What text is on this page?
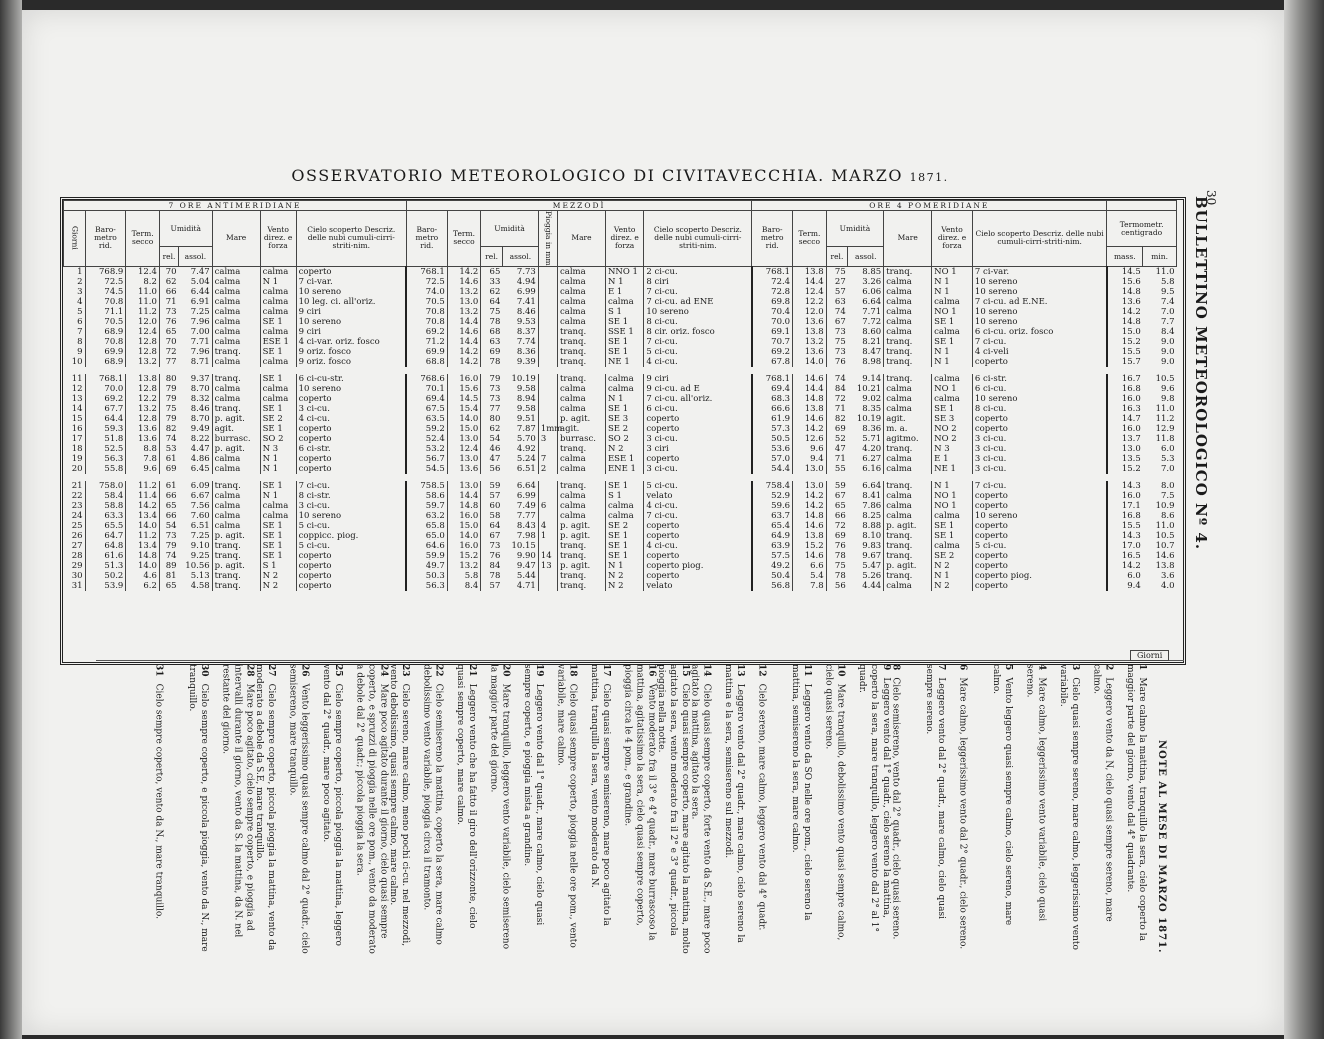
OSSERVATORIO METEOROLOGICO DI CIVITAVECCHIA. MARZO 1871.
30
BULLETTINO METEOROLOGICO Nº 4.
7 ORE ANTIMERIDIANE								MEZZODÌ								ORE 4 POMERIDIANE								
Giorni	Baro-metro rid.	Term. secco	Umidità		Mare	Vento direz. e forza	Cielo scoperto Descriz. delle nubi cumuli-cirri-striti-nim.	Baro-metro rid.	Term. secco	Umidità		Pioggia in mm	Mare	Vento direz. e forza	Cielo scoperto Descriz. delle nubi cumuli-cirri-striti-nim.	Baro-metro rid.	Term. secco	Umidità		Mare	Vento direz. e forza	Cielo scoperto Descriz. delle nubi cumuli-cirri-striti-nim.	Termometr. centigrado	
			rel.	assol.						rel.	assol.							rel.	assol.				mass.	min.
1	768.9	12.4	70	7.47	calma	calma	coperto	768.1	14.2	65	7.73		calma	NNO 1	2 ci-cu.	768.1	13.8	75	8.85	tranq.	NO 1	7 ci-var.	14.5	11.0
2	72.5	8.2	62	5.04	calma	N 1	7 ci-var.	72.5	14.6	33	4.94		calma	N 1	8 ciri	72.4	14.4	27	3.26	calma	N 1	10 sereno	15.6	5.8
3	74.5	11.0	66	6.44	calma	calma	10 sereno	74.0	13.2	62	6.99		calma	E 1	7 ci-cu.	72.8	12.4	57	6.06	calma	N 1	10 sereno	14.8	9.5
4	70.8	11.0	71	6.91	calma	calma	10 leg. ci. all'oriz.	70.5	13.0	64	7.41		calma	calma	7 ci-cu. ad ENE	69.8	12.2	63	6.64	calma	calma	7 ci-cu. ad E.NE.	13.6	7.4
5	71.1	11.2	73	7.25	calma	calma	9 ciri	70.8	13.2	75	8.46		calma	S 1	10 sereno	70.4	12.0	74	7.71	calma	NO 1	10 sereno	14.2	7.0
6	70.5	12.0	76	7.96	calma	SE 1	10 sereno	70.8	14.4	78	9.53		calma	SE 1	8 ci-cu.	70.0	13.6	67	7.72	calma	SE 1	10 sereno	14.8	7.7
7	68.9	12.4	65	7.00	calma	calma	9 ciri	69.2	14.6	68	8.37		tranq.	SSE 1	8 cir. oriz. fosco	69.1	13.8	73	8.60	calma	calma	6 ci-cu. oriz. fosco	15.0	8.4
8	70.8	12.8	70	7.71	calma	ESE 1	4 ci-var. oriz. fosco	71.2	14.4	63	7.74		tranq.	SE 1	7 ci-cu.	70.7	13.2	75	8.21	tranq.	SE 1	7 ci-cu.	15.2	9.0
9	69.9	12.8	72	7.96	tranq.	SE 1	9 oriz. fosco	69.9	14.2	69	8.36		tranq.	SE 1	5 ci-cu.	69.2	13.6	73	8.47	tranq.	N 1	4 ci-veli	15.5	9.0
10	68.9	13.2	77	8.71	calma	calma	9 oriz. fosco	68.8	14.2	78	9.39		tranq.	NE 1	4 ci-cu.	67.8	14.0	76	8.98	tranq.	N 1	coperto	15.7	9.0

11	768.1	13.8	80	9.37	tranq.	SE 1	6 ci-cu-str.	768.6	16.0	79	10.19		tranq.	calma	9 ciri	768.1	14.6	74	9.14	tranq.	calma	6 ci-str.	16.7	10.5
12	70.0	12.8	79	8.70	calma	calma	10 sereno	70.1	15.6	73	9.58		calma	calma	9 ci-cu. ad E	69.4	14.4	84	10.21	calma	NO 1	6 ci-cu.	16.8	9.6
13	69.2	12.2	79	8.32	calma	calma	coperto	69.4	14.5	73	8.94		calma	N 1	7 ci-cu. all'oriz.	68.3	14.8	72	9.02	calma	calma	10 sereno	16.0	9.8
14	67.7	13.2	75	8.46	tranq.	SE 1	3 ci-cu.	67.5	15.4	77	9.58		calma	SE 1	6 ci-cu.	66.6	13.8	71	8.35	calma	SE 1	8 ci-cu.	16.3	11.0
15	64.4	12.8	79	8.70	p. agit.	SE 2	4 ci-cu.	63.5	14.0	80	9.51		p. agit.	SE 3	coperto	61.9	14.6	82	10.19	agit.	SE 3	coperto	14.7	11.2
16	59.3	13.6	82	9.49	agit.	SE 1	coperto	59.2	15.0	62	7.87	1mm	agit.	SE 2	coperto	57.3	14.2	69	8.36	m. a.	NO 2	coperto	16.0	12.9
17	51.8	13.6	74	8.22	burrasc.	SO 2	coperto	52.4	13.0	54	5.70	3	burrasc.	SO 2	3 ci-cu.	50.5	12.6	52	5.71	agitmo.	NO 2	3 ci-cu.	13.7	11.8
18	52.5	8.8	53	4.47	p. agit.	N 3	6 ci-str.	53.2	12.4	46	4.92		tranq.	N 2	3 ciri	53.6	9.6	47	4.20	tranq.	N 3	3 ci-cu.	13.0	6.0
19	56.3	7.8	61	4.86	calma	N 1	coperto	56.7	13.0	47	5.24	7	calma	ESE 1	coperto	57.0	9.4	71	6.27	calma	E 1	3 ci-cu.	13.5	5.3
20	55.8	9.6	69	6.45	calma	N 1	coperto	54.5	13.6	56	6.51	2	calma	ENE 1	3 ci-cu.	54.4	13.0	55	6.16	calma	NE 1	3 ci-cu.	15.2	7.0

21	758.0	11.2	61	6.09	tranq.	SE 1	7 ci-cu.	758.5	13.0	59	6.64		tranq.	SE 1	5 ci-cu.	758.4	13.0	59	6.64	tranq.	N 1	7 ci-cu.	14.3	8.0
22	58.4	11.4	66	6.67	calma	N 1	8 ci-str.	58.6	14.4	57	6.99		calma	S 1	velato	52.9	14.2	67	8.41	calma	NO 1	coperto	16.0	7.5
23	58.8	14.2	65	7.56	calma	calma	3 ci-cu.	59.7	14.8	60	7.49	6	calma	calma	4 ci-cu.	59.6	14.2	65	7.86	calma	NO 1	coperto	17.1	10.9
24	63.3	13.4	66	7.60	calma	calma	10 sereno	63.2	16.0	58	7.77		calma	calma	7 ci-cu.	63.7	14.8	66	8.25	calma	calma	10 sereno	16.8	8.6
25	65.5	14.0	54	6.51	calma	SE 1	5 ci-cu.	65.8	15.0	64	8.43	4	p. agit.	SE 2	coperto	65.4	14.6	72	8.88	p. agit.	SE 1	coperto	15.5	11.0
26	64.7	11.2	73	7.25	p. agit.	SE 1	coppicc. piog.	65.0	14.0	67	7.98	1	p. agit.	SE 1	coperto	64.9	13.8	69	8.10	tranq.	SE 1	coperto	14.3	10.5
27	64.8	13.4	79	9.10	tranq.	SE 1	5 ci-cu.	64.6	16.0	73	10.15		tranq.	SE 1	4 ci-cu.	63.9	15.2	76	9.83	tranq.	calma	5 ci-cu.	17.0	10.7
28	61.6	14.8	74	9.25	tranq.	SE 1	coperto	59.9	15.2	76	9.90	14	tranq.	SE 1	coperto	57.5	14.6	78	9.67	tranq.	SE 2	coperto	16.5	14.6
29	51.3	14.0	89	10.56	p. agit.	S 1	coperto	49.7	13.2	84	9.47	13	p. agit.	N 1	coperto piog.	49.2	6.6	75	5.47	p. agit.	N 2	coperto	14.2	13.8
30	50.2	4.6	81	5.13	tranq.	N 2	coperto	50.3	5.8	78	5.44		tranq.	N 2	coperto	50.4	5.4	78	5.26	tranq.	N 1	coperto piog.	6.0	3.6
31	53.9	6.2	65	4.58	tranq.	N 2	coperto	56.3	8.4	57	4.71		tranq.	N 2	velato	56.8	7.8	56	4.44	calma	N 2	coperto	9.4	4.0
Giorni
NOTE AL MESE DI MARZO 1871.
1 Mare calmo la mattina, tranquillo la sera, cielo coperto la maggior parte del giorno, vento dal 4° quadrante.
2 Leggero vento da N, cielo quasi sempre sereno, mare calmo.
3 Cielo quasi sempre sereno, mare calmo, leggerissimo vento variabile.
4 Mare calmo, leggerissimo vento variabile, cielo quasi sereno.
5 Vento leggero quasi sempre calmo, cielo sereno, mare calmo.
6 Mare calmo, leggerissimo vento dal 2° quadr., cielo sereno.
7 Leggero vento dal 2° quadr., mare calmo, cielo quasi sempre sereno.
8 Cielo semisereno, vento dal 2° quadr., cielo quasi sereno.
9 Leggero vento dal 1° quadr., cielo sereno la mattina, coperto la sera, mare tranquillo, leggero vento dal 2° al 1° quadr.
10 Mare tranquillo, debolissimo vento quasi sempre calmo, cielo quasi sereno.
11 Leggero vento da SO nelle ore pom., cielo sereno la mattina, semisereno la sera, mare calmo.
12 Cielo sereno, mare calmo, leggero vento dal 4° quadr.
13 Leggero vento dal 2° quadr., mare calmo, cielo sereno la mattina e la sera, semisereno sul mezzodì.
14 Cielo quasi sempre coperto, forte vento da S.E., mare poco agitato la mattina, agitato la sera.
15 Cielo quasi sempre coperto, mare agitato la mattina, molto agitato la sera, vento moderato fra il 2° e 3° quadr., piccola pioggia nella notte.
16 Vento moderato fra il 3° e 4° quadr., mare burrascoso la mattina, agitatissimo la sera, cielo quasi sempre coperto, pioggia circa le 4 pom., e grandine.
17 Cielo quasi sempre semisereno, mare poco agitato la mattina, tranquillo la sera, vento moderato da N.
18 Cielo quasi sempre coperto, pioggia nelle ore pom., vento variabile, mare calmo.
19 Leggero vento dal 1° quadr., mare calmo, cielo quasi sempre coperto, e pioggia mista a grandine.
20 Mare tranquillo, leggero vento variabile, cielo semisereno la maggior parte del giorno.
21 Leggero vento che ha fatto il giro dell'orizzonte, cielo quasi sempre coperto, mare calmo.
22 Cielo semisereno la mattina, coperto la sera, mare calmo debolissimo vento variabile, pioggia circa il tramonto.
23 Cielo sereno, mare calmo, meno pochi ci-cu. nel mezzodì, vento debolissimo, quasi sempre calmo, mare calmo.
24 Mare poco agitato durante il giorno, cielo quasi sempre coperto, e spruzzi di pioggia nelle ore pom., vento da moderato a debole dal 2° quadr.; piccola pioggia la sera.
25 Cielo sempre coperto, piccola pioggia la mattina, leggero vento dal 2° quadr., mare poco agitato.
26 Vento leggerissimo quasi sempre calmo dal 2° quadr., cielo semisereno, mare tranquillo.
27 Cielo sempre coperto, piccola pioggia la mattina, vento da moderato a debole da S.E, mare tranquillo.
28 Mare poco agitato, cielo sempre coperto, e pioggia ad intervalli durante il giorno, vento da S. la mattina, da N. nel restante del giorno.
30 Cielo sempre coperto, e piccola pioggia, vento da N., mare tranquillo.
31 Cielo sempre coperto, vento da N., mare tranquillo.
